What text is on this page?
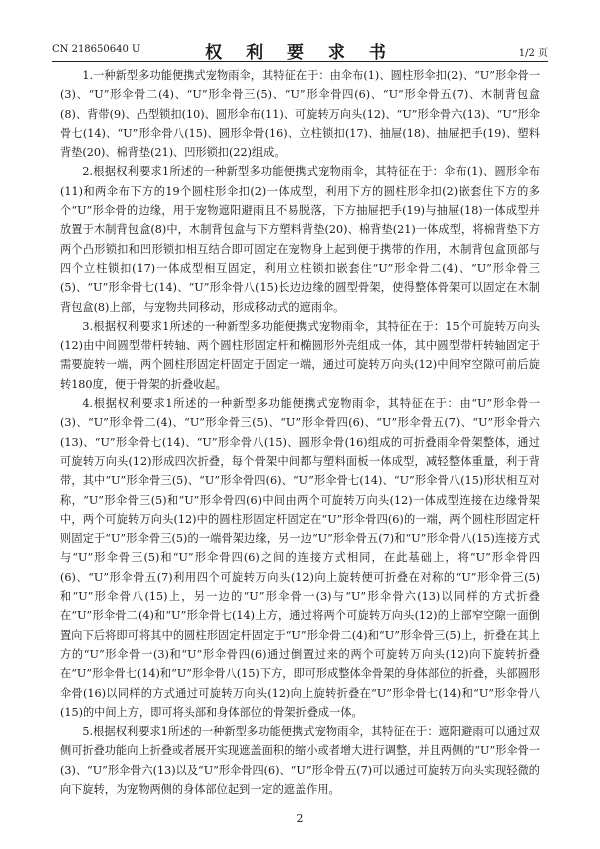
CN 218650640 U	权 利 要 求 书	1/2 页

1.一种新型多功能便携式宠物雨伞，其特征在于：由伞布(1)、圆柱形伞扣(2)、“U”形伞骨一(3)、“U”形伞骨二(4)、“U”形伞骨三(5)、“U”形伞骨四(6)、“U”形伞骨五(7)、木制背包盒(8)、背带(9)、凸型锁扣(10)、圆形伞布(11)、可旋转万向头(12)、“U”形伞骨六(13)、“U”形伞骨七(14)、“U”形伞骨八(15)、圆形伞骨(16)、立柱锁扣(17)、抽屉(18)、抽屉把手(19)、塑料背垫(20)、棉背垫(21)、凹形锁扣(22)组成。

2.根据权利要求1所述的一种新型多功能便携式宠物雨伞，其特征在于：伞布(1)、圆形伞布(11)和两伞布下方的19个圆柱形伞扣(2)一体成型，利用下方的圆柱形伞扣(2)嵌套住下方的多个“U”形伞骨的边缘，用于宠物遮阳避雨且不易脱落，下方抽屉把手(19)与抽屉(18)一体成型并放置于木制背包盒(8)中，木制背包盒与下方塑料背垫(20)、棉背垫(21)一体成型，将棉背垫下方两个凸形锁扣和凹形锁扣相互结合即可固定在宠物身上起到便于携带的作用，木制背包盒顶部与四个立柱锁扣(17)一体成型相互固定，利用立柱锁扣嵌套住“U”形伞骨二(4)、“U”形伞骨三(5)、“U”形伞骨七(14)、“U”形伞骨八(15)长边边缘的圆型骨架，使得整体骨架可以固定在木制背包盒(8)上部，与宠物共同移动，形成移动式的遮雨伞。

3.根据权利要求1所述的一种新型多功能便携式宠物雨伞，其特征在于：15个可旋转万向头(12)由中间圆型带杆转轴、两个圆柱形固定杆和椭圆形外壳组成一体，其中圆型带杆转轴固定于需要旋转一端，两个圆柱形固定杆固定于固定一端，通过可旋转万向头(12)中间窄空隙可前后旋转180度，便于骨架的折叠收起。

4.根据权利要求1所述的一种新型多功能便携式宠物雨伞，其特征在于：由“U”形伞骨一(3)、“U”形伞骨二(4)、“U”形伞骨三(5)、“U”形伞骨四(6)、“U”形伞骨五(7)、“U”形伞骨六(13)、“U”形伞骨七(14)、“U”形伞骨八(15)、圆形伞骨(16)组成的可折叠雨伞骨架整体，通过可旋转万向头(12)形成四次折叠，每个骨架中间都与塑料面板一体成型，减轻整体重量，利于背带，其中“U”形伞骨三(5)、“U”形伞骨四(6)、“U”形伞骨七(14)、“U”形伞骨八(15)形状相互对称，“U”形伞骨三(5)和“U”形伞骨四(6)中间由两个可旋转万向头(12)一体成型连接在边缘骨架中，两个可旋转万向头(12)中的圆柱形固定杆固定在“U”形伞骨四(6)的一端，两个圆柱形固定杆则固定于“U”形伞骨三(5)的一端骨架边缘，另一边“U”形伞骨五(7)和“U”形伞骨八(15)连接方式与“U”形伞骨三(5)和“U”形伞骨四(6)之间的连接方式相同，在此基础上，将“U”形伞骨四(6)、“U”形伞骨五(7)利用四个可旋转万向头(12)向上旋转便可折叠在对称的“U”形伞骨三(5)和“U”形伞骨八(15)上，另一边的“U”形伞骨一(3)与“U”形伞骨六(13)以同样的方式折叠在“U”形伞骨二(4)和“U”形伞骨七(14)上方，通过将两个可旋转万向头(12)的上部窄空隙一面倒置向下后将即可将其中的圆柱形固定杆固定于“U”形伞骨二(4)和“U”形伞骨三(5)上，折叠在其上方的“U”形伞骨一(3)和“U”形伞骨四(6)通过倒置过来的两个可旋转万向头(12)向下旋转折叠在“U”形伞骨七(14)和“U”形伞骨八(15)下方，即可形成整体伞骨架的身体部位的折叠，头部圆形伞骨(16)以同样的方式通过可旋转万向头(12)向上旋转折叠在“U”形伞骨七(14)和“U”形伞骨八(15)的中间上方，即可将头部和身体部位的骨架折叠成一体。

5.根据权利要求1所述的一种新型多功能便携式宠物雨伞，其特征在于：遮阳避雨可以通过双侧可折叠功能向上折叠或者展开实现遮盖面积的缩小或者增大进行调整，并且两侧的“U”形伞骨一(3)、“U”形伞骨六(13)以及“U”形伞骨四(6)、“U”形伞骨五(7)可以通过可旋转万向头实现轻微的向下旋转，为宠物两侧的身体部位起到一定的遮盖作用。

2
